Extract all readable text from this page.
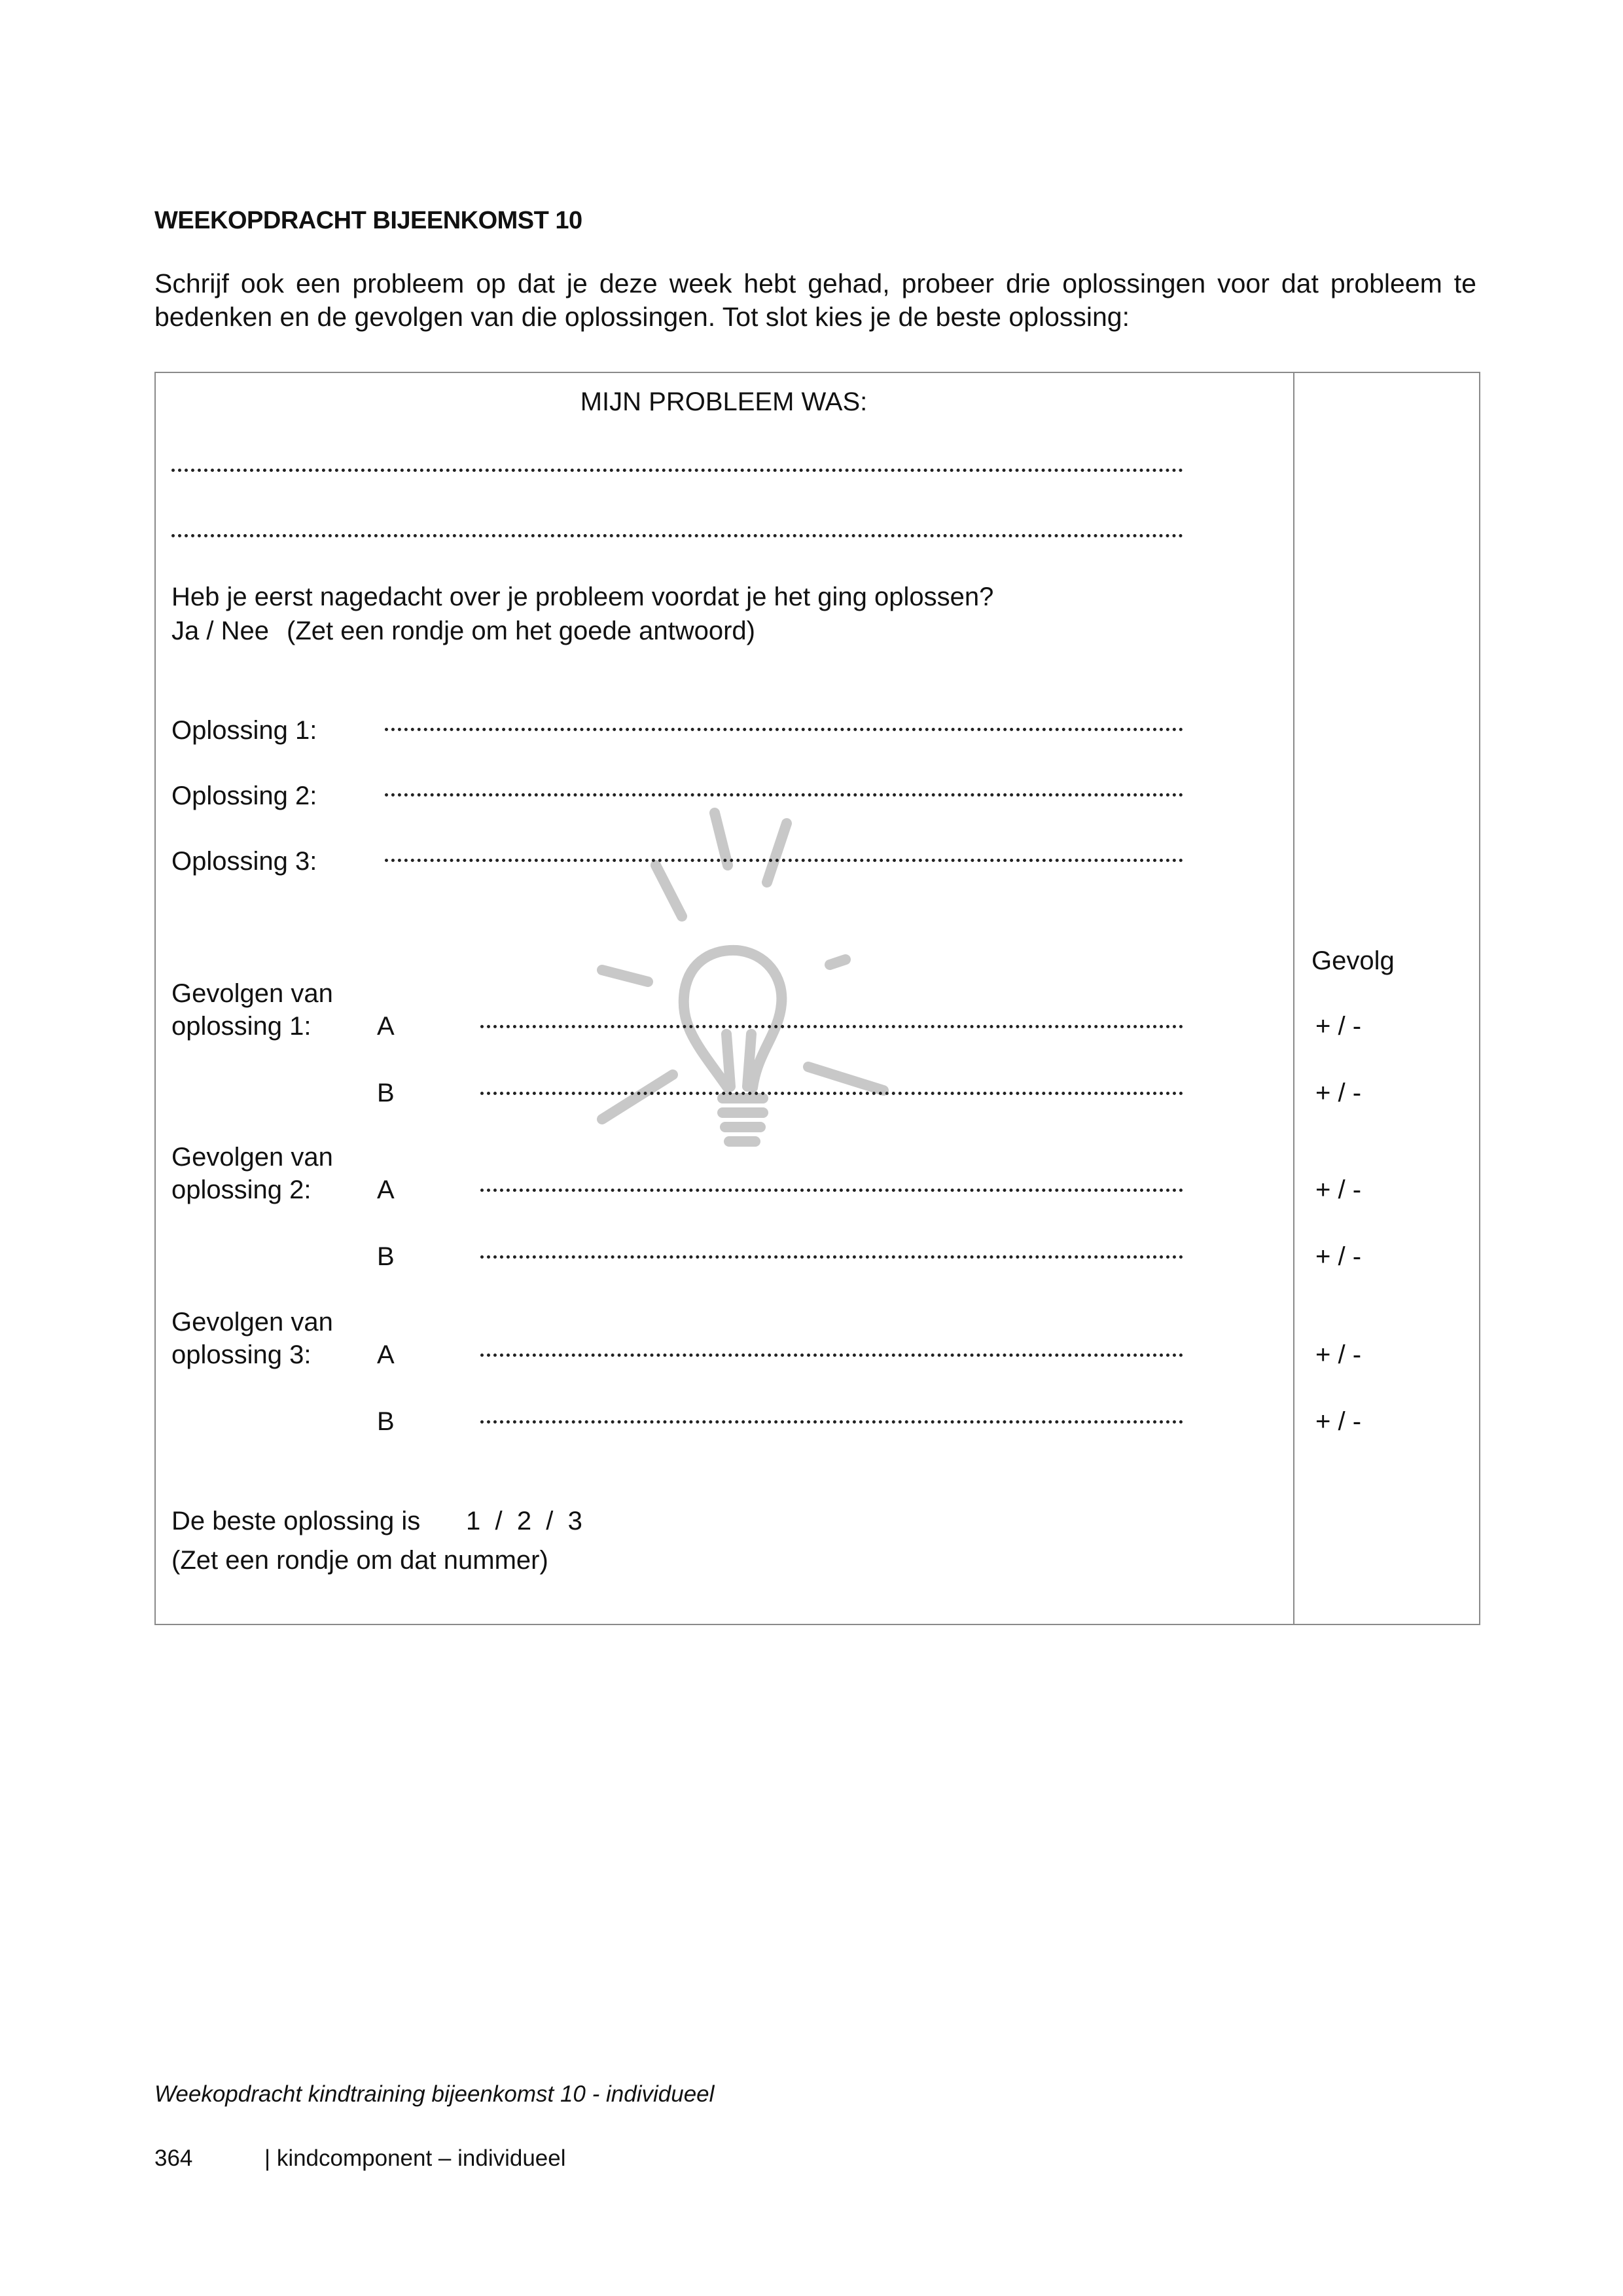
WEEKOPDRACHT BIJEENKOMST 10
Schrijf ook een probleem op dat je deze week hebt gehad, probeer drie oplossingen voor dat probleem te bedenken en de gevolgen van die oplossingen. Tot slot kies je de beste oplossing:
MIJN PROBLEEM WAS:
Heb je eerst nagedacht over je probleem voordat je het ging oplossen?
Ja / Nee (Zet een rondje om het goede antwoord)
Oplossing 1:
Oplossing 2:
Oplossing 3:
Gevolg
Gevolgen van
oplossing 1:	A	+ / -
B	+ / -
Gevolgen van
oplossing 2:	A	+ / -
B	+ / -
Gevolgen van
oplossing 3:	A	+ / -
B	+ / -
De beste oplossing is 1  /  2  /  3
(Zet een rondje om dat nummer)
Weekopdracht kindtraining bijeenkomst 10 - individueel
364	| kindcomponent – individueel
